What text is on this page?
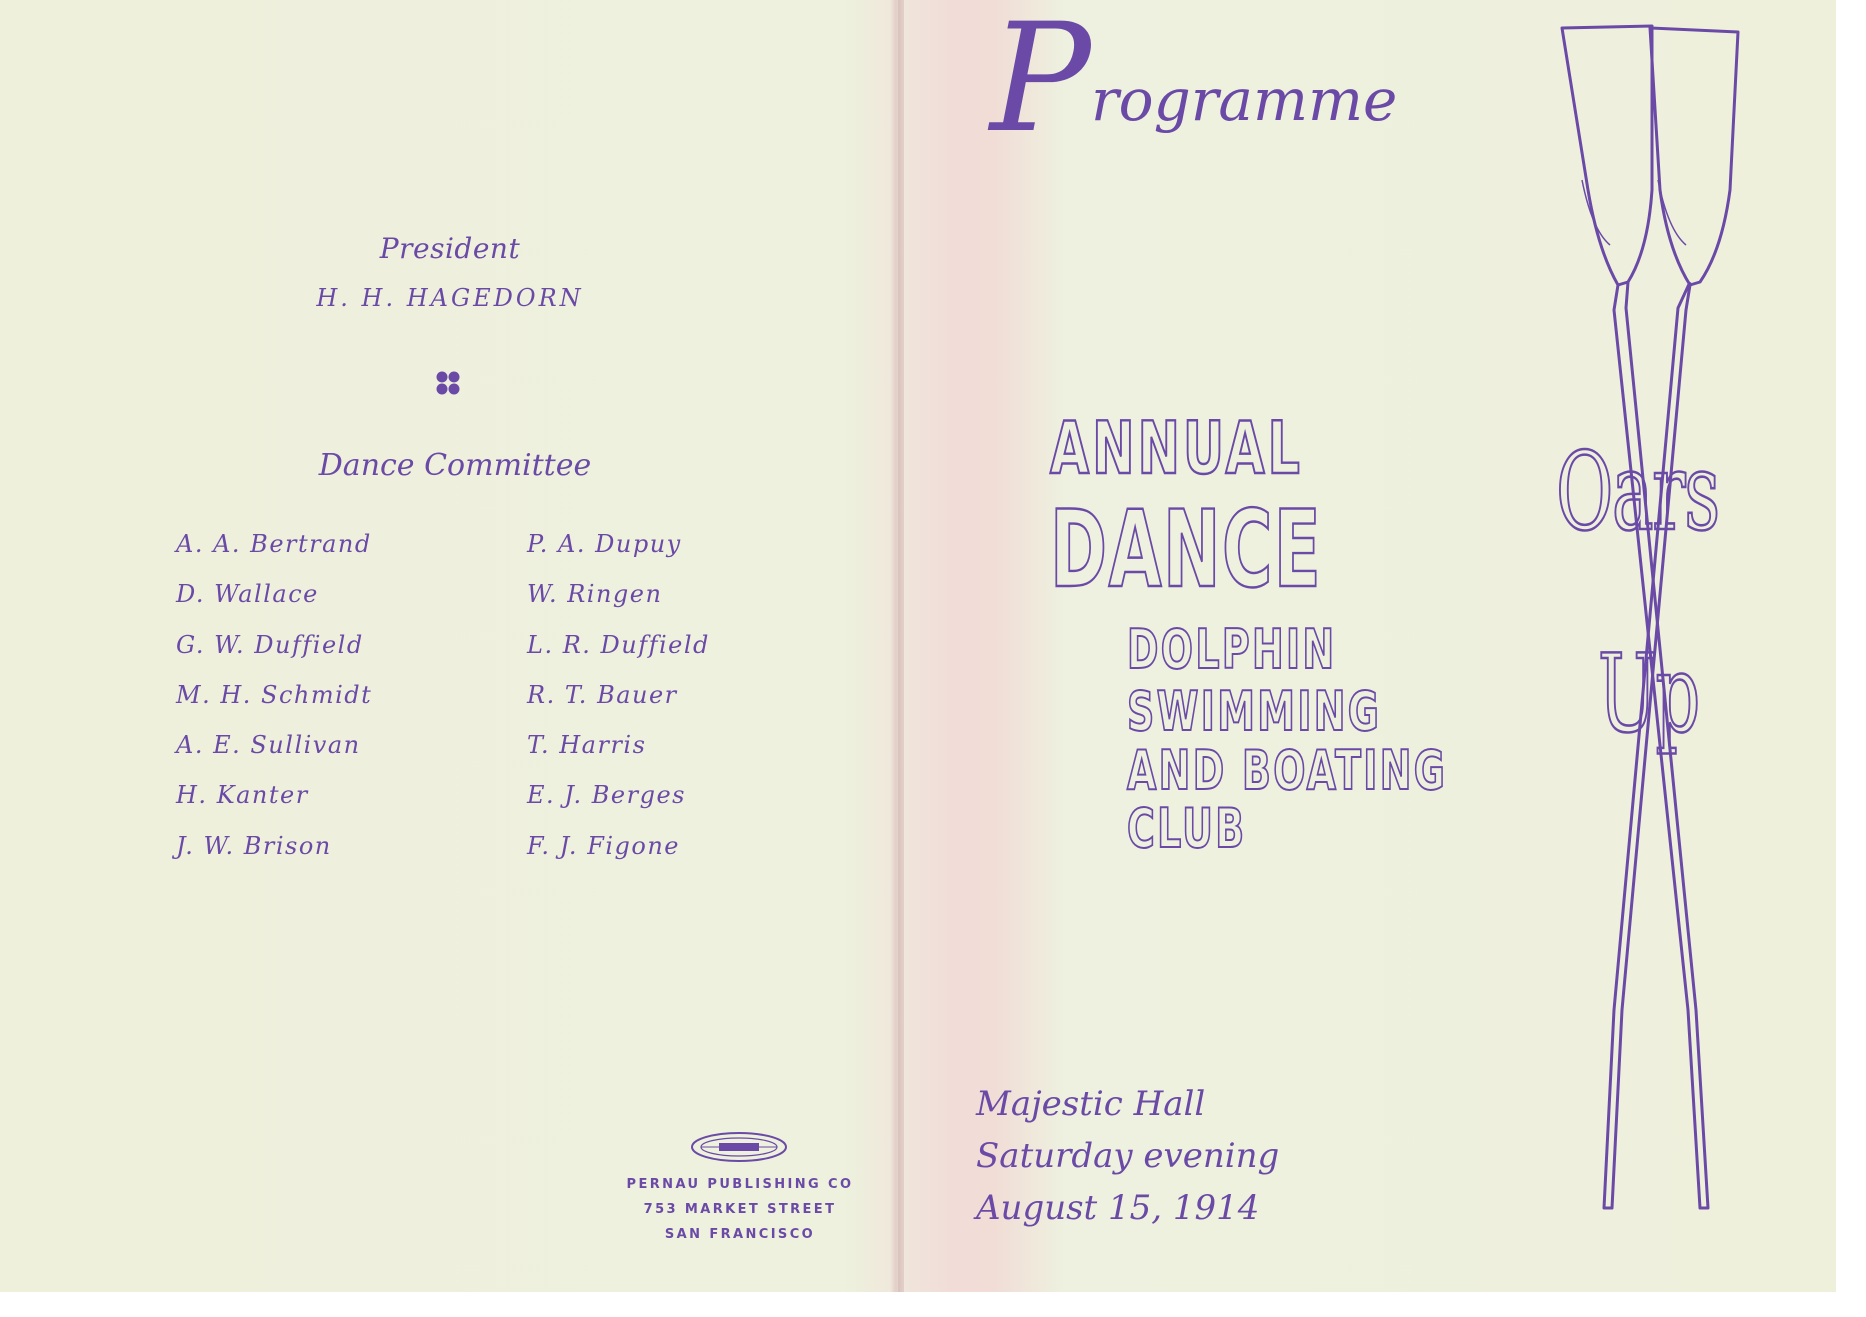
President
H. H. HAGEDORN
Dance Committee
A. A. Bertrand
D. Wallace
G. W. Duffield
M. H. Schmidt
A. E. Sullivan
H. Kanter
J. W. Brison
P. A. Dupuy
W. Ringen
L. R. Duffield
R. T. Bauer
T. Harris
E. J. Berges
F. J. Figone
PERNAU PUBLISHING CO
753 MARKET STREET
SAN FRANCISCO
Programme
ANNUAL
DANCE
DOLPHIN
SWIMMING
AND BOATING
CLUB
Oars
Up
Majestic Hall
Saturday evening
August 15, 1914
